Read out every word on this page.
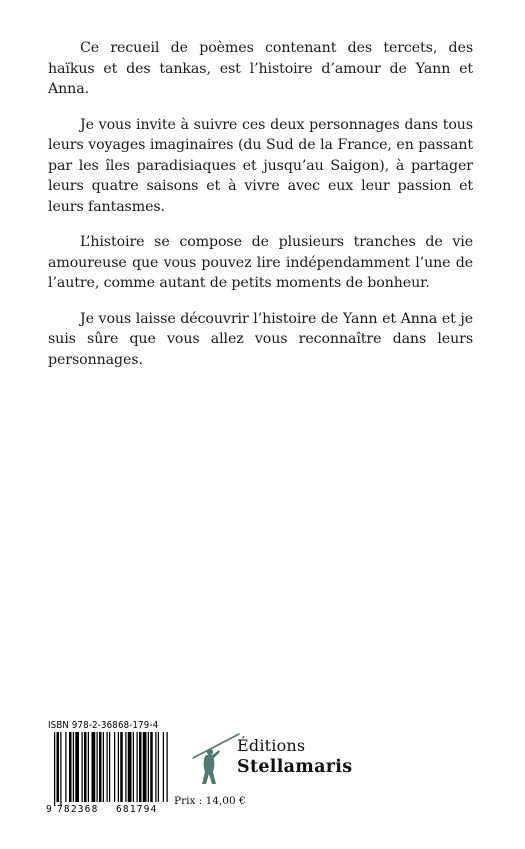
Ce recueil de poèmes contenant des tercets, des haïkus et des tankas, est l’histoire d’amour de Yann et Anna.

Je vous invite à suivre ces deux personnages dans tous leurs voyages imaginaires (du Sud de la France, en passant par les îles paradisiaques et jusqu’au Saigon), à partager leurs quatre saisons et à vivre avec eux leur passion et leurs fantasmes.

L’histoire se compose de plusieurs tranches de vie amoureuse que vous pouvez lire indépendamment l’une de l’autre, comme autant de petits moments de bonheur.

Je vous laisse découvrir l’histoire de Yann et Anna et je suis sûre que vous allez vous reconnaître dans leurs personnages.

ISBN 978-2-36868-179-4
9 782368 681794
Prix : 14,00 €
Éditions
Stellamaris
